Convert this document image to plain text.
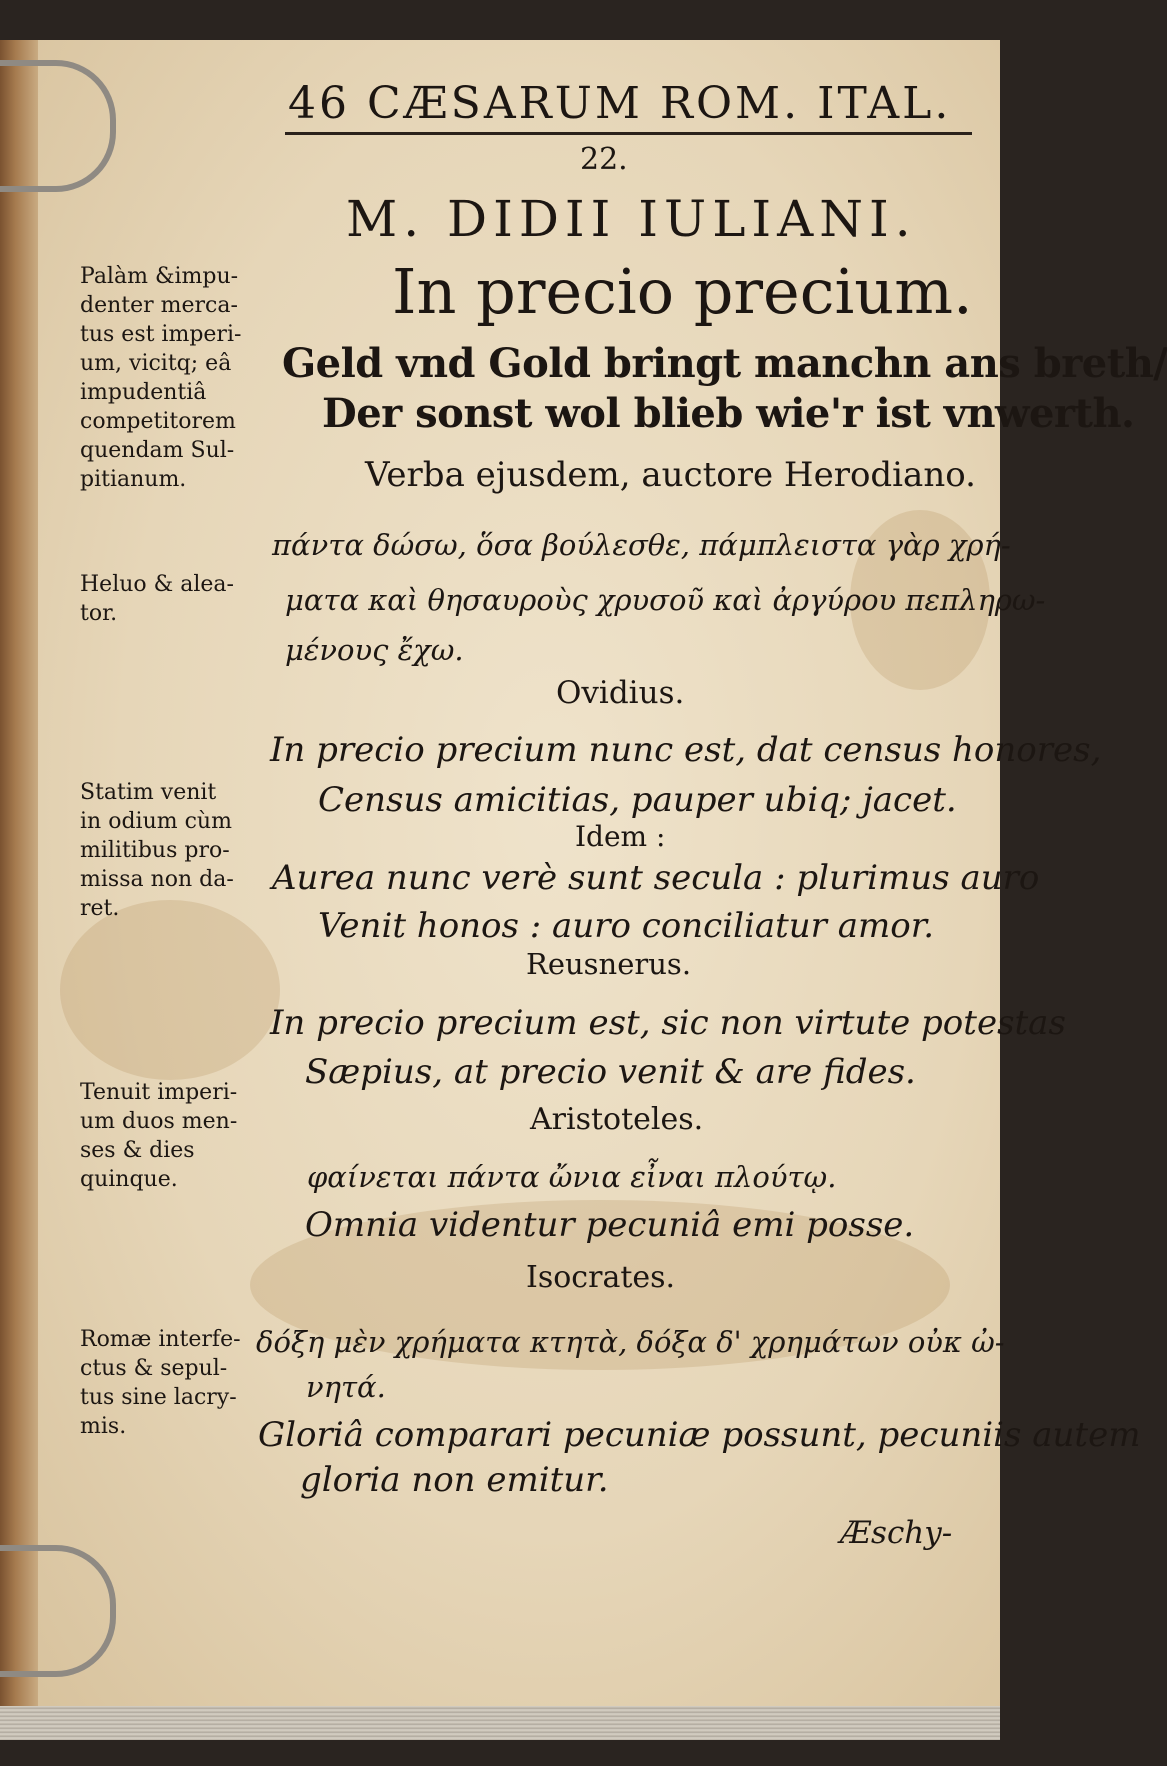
46 CÆSARUM ROM. ITAL.
22.
M. DIDII IULIANI.
In precio precium.
Geld vnd Gold bringt manchn ans breth/
Der sonst wol blieb wie'r ist vnwerth.
Verba ejusdem, auctore Herodiano.
πάντα δώσω, ὅσα βούλεσθε, πάμπλειστα γὰρ χρή-
ματα καὶ θησαυροὺς χρυσοῦ καὶ ἀργύρου πεπληρω-
μένους ἔχω.
Ovidius.
In precio precium nunc est, dat census honores,
Census amicitias, pauper ubiq; jacet.
Idem :
Aurea nunc verè sunt secula : plurimus auro
Venit honos : auro conciliatur amor.
Reusnerus.
In precio precium est, sic non virtute potestas
Sæpius, at precio venit & are fides.
Aristoteles.
φαίνεται πάντα ὤνια εἶναι πλούτῳ.
Omnia videntur pecuniâ emi posse.
Isocrates.
δόξη μὲν χρήματα κτητὰ, δόξα δ' χρημάτων οὐκ ὠ-
νητά.
Gloriâ comparari pecuniæ possunt, pecuniis autem
gloria non emitur.
Æschy-
Palàm &impu-
denter merca-
tus est imperi-
um, vicitq; eâ
impudentiâ
competitorem
quendam Sul-
pitianum.
Heluo & alea-
tor.
Statim venit
in odium cùm
militibus pro-
missa non da-
ret.
Tenuit imperi-
um duos men-
ses & dies
quinque.
Romæ interfe-
ctus & sepul-
tus sine lacry-
mis.
